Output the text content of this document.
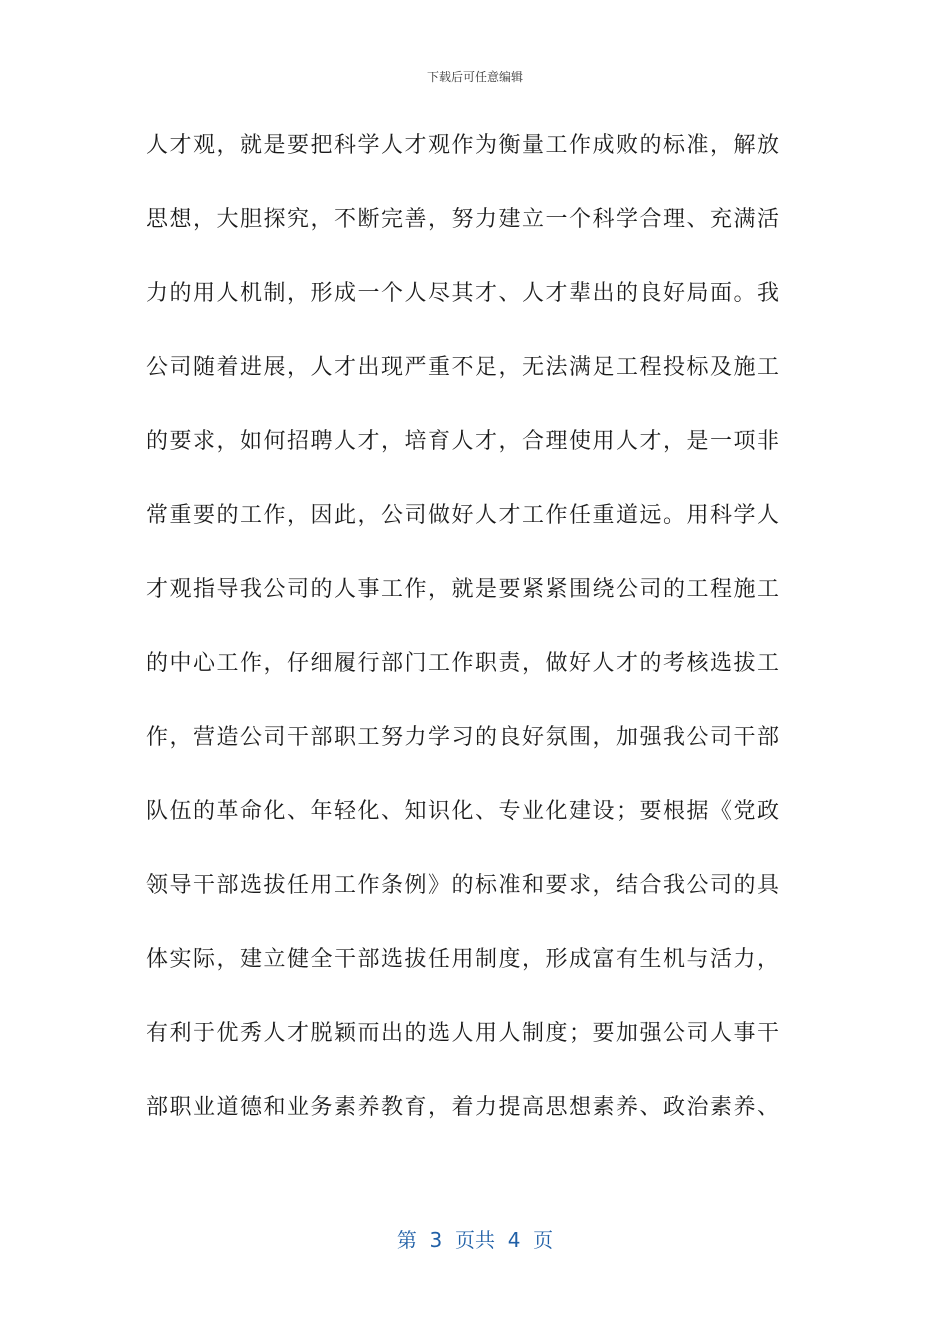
下载后可任意编辑
人才观，就是要把科学人才观作为衡量工作成败的标准，解放
思想，大胆探究，不断完善，努力建立一个科学合理、充满活
力的用人机制，形成一个人尽其才、人才辈出的良好局面。我
公司随着进展，人才出现严重不足，无法满足工程投标及施工
的要求，如何招聘人才，培育人才，合理使用人才，是一项非
常重要的工作，因此，公司做好人才工作任重道远。用科学人
才观指导我公司的人事工作，就是要紧紧围绕公司的工程施工
的中心工作，仔细履行部门工作职责，做好人才的考核选拔工
作，营造公司干部职工努力学习的良好氛围，加强我公司干部
队伍的革命化、年轻化、知识化、专业化建设；要根据《党政
领导干部选拔任用工作条例》的标准和要求，结合我公司的具
体实际，建立健全干部选拔任用制度，形成富有生机与活力，
有利于优秀人才脱颖而出的选人用人制度；要加强公司人事干
部职业道德和业务素养教育，着力提高思想素养、政治素养、
第  3  页共  4  页
